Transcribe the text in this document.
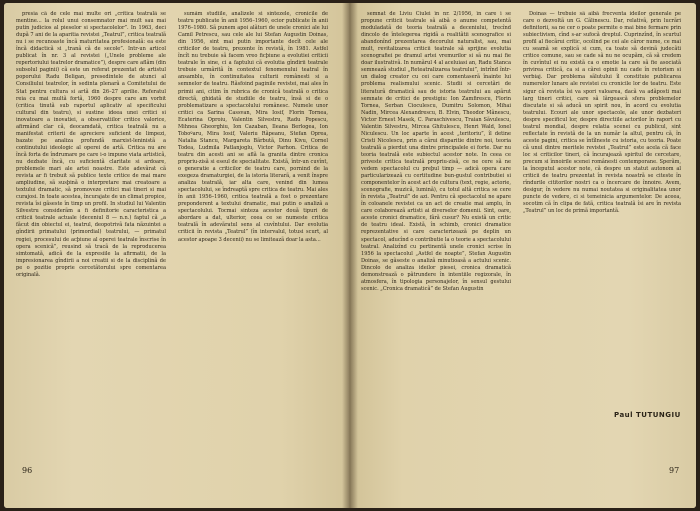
presia cã de cele mai multe ori „critica teatralã se mentine... la rolul unui consemnator mai mult sau mai putin judicios al pieselor si spectacolelor”. In 1963, deci dupã 7 ani de la aparitia revistei „Teatrul”, critica teatralã nu i se recunoaste încã maturitatea profesionalã: ea este încã didacticã si „tranã cã de secole”. Intr-un articol publicat în nr. 3 al revistei („Unele probleme ale repertoriului teatrelor dramatice”), despre care aflãm (din subsolul paginii) cã este un referat prezentat de artistul poporului Radu Beligan, presedintele de atunci al Consiliului teatrelor, în sedinta plenarã a Comitetului de Stat pentru cultura si artã din 26–27 aprilie. Referatul reia cu mai multã fortã, 1960 despre care am vorbit (critica tinutã sub raportul aplicativ al specificului cultural din teatru), si sustine ideea unei critici si inovatoare a inovatiei, a observatiilor critice valorice, afirmând clar cã, deocamdatã, critica teatralã nu a manifestat criterii de apreciere suficient de limpezi, bazate pe analiza profundã marxist-leninistã a continutului ideologic al operei de artã. Critica nu are încã forta de îndrumare pe care i-o impune viata artisticã, nu dezbate încã, cu suficientã claritate si ardoare, problemele mari ale artei noastre. Este adevãrat cã revista ar fi trebuit sã publice texte critice de mai mare ampliudine, sã susþinã o interpretare mai creatoare a textului dramatic, sã promoveze critici mai tineri si mai curajosi. In toate acestea, încurajate de un climat propice, revista îsi gãseste în timp un profil. In studiul lui Valentin Silvestru considerãm a fi definitorie caracteristica a criticii teatrale actuale (deceniul 8 — n.n.) faptul cã „a fãcut din obiectul ei, teatrul, deopotrivã fata nãzuintei a gîndirii primatului (primordial) teatrului, — primatul regiei, procesului de acþiune al operei teatrale înscrise în opera scenicã”, reusind sã tracã de la reproducerea simtomatã, adicã de la expresiile la afirmatii, de la impresionarea gîndirii a noi creatii si de la disciplinã de pe o pozitie proprie cercetãtorului spre comentarea originalã.

sumãm studiile, analizele si sintezele, cronicile de teatru publicate în anii 1956–1960, ecior publicate în anii 1976–1980. Sã punem apoi alãturi de unele cronici ale lui Camil Petrescu, sau cele ale lui Stefan Augustin Doinas, din 1956, sint mai putin importante decît cele ale criticilor de teatru, prezente în revistã, în 1981. Astfel încît nu trebuie sã facem vreo ficþiune a evolutiei criticii teatrale în sine, ci a faptului cã evolutia gîndirii teatrale trebuie urmãritã în contextul fenomenului teatral în ansamblu, în continuitatea culturii românesti si a semnelor de teatru. Rãsfoind paginile revistei, mai ales în primii ani, citim în rubrica de cronicã teatralã o critica directã, ghidatã de studiile de teatru, însã si de o problematizare a spectacolului românesc. Numele unor critici ca Sarina Cassvan, Mira Iosif, Florin Tornea, Ecaterina Oproiu, Valentin Silvestru, Radu Popescu, Mihnea Gheorghiu, Ion Cazaban, Ileana Berlogea, Ion Toboºaru, Mira Iosif, Valeriu Rãpeanu, Stefan Oprea, Natalia Stancu, Margareta Bãrbutã, Dinu Kivu, Cornel Todea, Ludmila Patlanjoglu, Victor Parhon. Critica de teatru din acesti ani se aflã la granita dintre cronica propriu-zisã si eseul de specialitate. Existã, într-un cuvînt, o generatie a criticilor de teatru care, pornind de la exegeza dramaturgiei, de la istoria literarã, a venit înspre analiza teatralã, iar alta care, venind din lumea spectacolului, se îndreaptã spre critica de teatru. Mai ales în anii 1956–1960, critica teatralã a fost o prezentare preponderent a textului dramatic, mai putin o analizã a spectacolului. Tocmai sinteza acestor douã tipuri de abordare a dat, ulterior, ceea ce se numeste critica teatralã în adevãratul sens al cuvîntului. Dar evolutia criticii în revista „Teatrul” (în intervalul, totusi scurt, al acestor apoape 3 decenii) nu se limiteazã doar la asta...

96

semnat de Liviu Ciulei în nr. 2/1956, în care i se propune criticii teatrale sã aibã o anume competentã moduladatã de teoria teatralã a deceniului, trecînd dincolo de întelegerea rigidã a realitãtii scenografice si abandonînd prezentarea decorului naturalist, sau, mai mult, revitalizarea criticii teatrale sã sprijine evolutia scenografiei pe dramul artei vremurilor si sã nu mai fie doar ilustrativã. In numãrul 4 al aceluiasi an, Radu Stanca semneazã studiul „Reteatralizarea teatrului”, intrînd într-un dialog creator cu cei care comentaserã înainte lui problema realismului scenic. Studii si cercetãri de literaturã dramaticã sau de istoria teatrului au apãrut semnate de critici de prestigiu: Ion Zamfirescu, Florin Tornea, Serban Cioculescu, Dumitru Solomon, Mihai Nadin, Mircea Alexandrescu, B. Elvin, Theodor Mãnescu, Victor Ernest Masek, C. Paraschivescu, Traian Sãvulescu, Valentin Silvestru, Mircea Ghitulescu, Henri Wald, Ionel Niculescu. Un loc aparte în acest „teritoriu”, îl detine Cristi Nicolescu, prin a cãrui disparitie dintre noi, teoria teatralã a pierdut una dintre principalele ei forte. Dar nu teoria teatralã este subiectul acestor note. In ceea ce priveste critica teatralã propriu-zisã, ce ne cere sã ne vedem spectacolul cu preþul timp — adicã opera care particularizeazã cu certitudine bun-gustul contributiei si componentelor în acest act de cultura (text, regie, actorie, scenografie, muzicã, luminã), cu totul altã critica se cere în revista „Teatrul” de azi. Pentru cã spectacolul ne apare în coloanele revistei ca un act de creatie mai amplu, în care colaboreazã artisti ai diverselor domenii. Sint, oare, aceste cronici dramatice, fãrã cusur? Nu existã un critic de teatru ideal. Existã, în schimb, cronici dramatice reprezentative si care caracterizeazã pe deplin un spectacol, aducînd o contributie la o teorie a spectacolului teatral. Analizînd cu pertinentã unele cronici scrise în 1956 la spectacolul „Astfel de noapte”, Stefan Augustin Doinas, se gãseste o analizã minutioasã a actului scenic. Dincolo de analiza ideilor piesei, cronica dramaticã demonstreazã o pãtrundere în intentiile regizorale, în atmosfera, în tipologia personajelor, în sensul gestului scenic. „Cronica dramaticã” de Stefan Augustin

Doinas — trebuie sã aibã frecventa ideilor generale pe care o dezvoltã un G. Cãlinescu. Dar, relativã, prin lucrãri definitorii, sa ne cer o poate permite o mai bine fermare prin subiectivism, cînd s-ar sufocã dreptul. Cuprinzînd, în scurtul profil al fiecãrui critic, ocolind pe cei ale cãror nume, ce mai cu seamã se explicã si cum, ca toate sã devinã judecãti critice comune, sau se cade sã nu ne ocupãm, cã sã credem în cuvîntul ei nu existã ca o emotie la care sã fie asociatã privirea criticã, ca si a cãrei opinii nu cade în retorism si verbiaj. Dar problema sãlutului îl constituie publicarea numerelor lunare ale revistei cu cronicile lor de teatru. Este sigur cã revista îsi va spori valoarea, dacã va adãposti mai larg tineri critici, care sã lãrgeascã sfera problemelor discutate si sã aducã un spirit nou, în acord cu evolutia teatrului. Ecouri ale unor spectacole, ale unor dezbateri despre specificul lor, despre directiile actorilor în raport cu teatrul mondial, despre relatia scenei cu publicul, sint reflectate în revistã de la un numãr la altul, pentru cã, în aceste pagini, critica se întîlneste cu istoria, cu teoria. Poate cã unul dintre meritele revistei „Teatrul” este acela cã face loc si criticilor tineri, cã încurajeazã spiritul de cercetare, precum si înnoirile scenei românesti contemporane. Sperãm, la începutul acestor note, cã despre un statut autonom al criticii de teatru prezentat în revista noastrã se citeste în rîndurile cititorilor nostri ca o încercare de înnoire. Avem, desigur, în vedere nu numai noutatea si originalitatea unor puncte de vedere, ci si temeinicia argumentelor. De aceea, socotim cã în clipa de fatã, critica teatralã îsi are în revista „Teatrul” un loc de primã importantã.

Paul TUTUNGIU
97
